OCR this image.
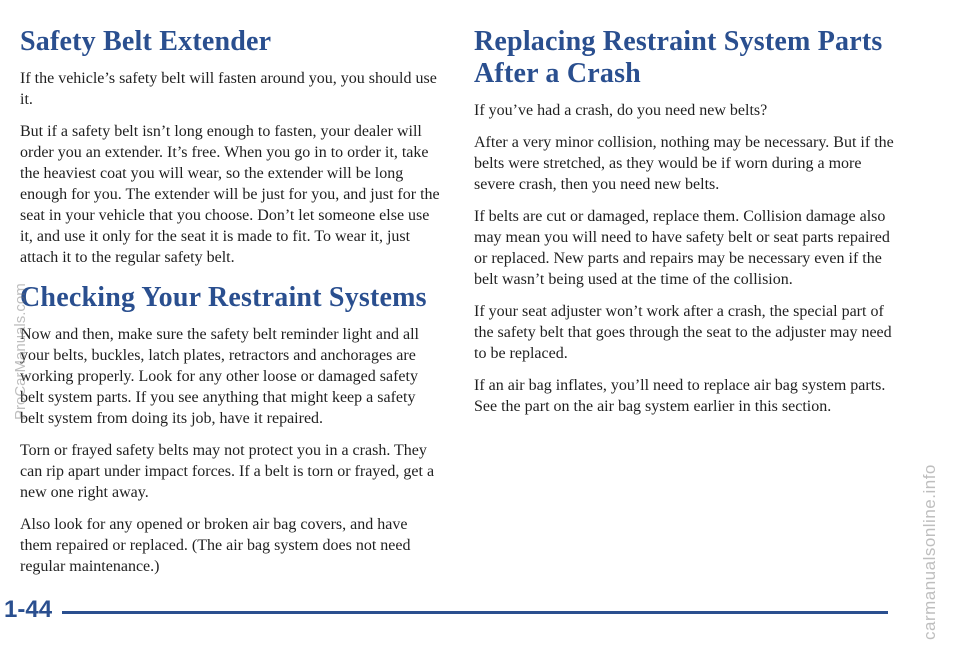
Safety Belt Extender

If the vehicle’s safety belt will fasten around you, you should use it.

But if a safety belt isn’t long enough to fasten, your dealer will order you an extender. It’s free. When you go in to order it, take the heaviest coat you will wear, so the extender will be long enough for you. The extender will be just for you, and just for the seat in your vehicle that you choose. Don’t let someone else use it, and use it only for the seat it is made to fit. To wear it, just attach it to the regular safety belt.

Checking Your Restraint Systems

Now and then, make sure the safety belt reminder light and all your belts, buckles, latch plates, retractors and anchorages are working properly. Look for any other loose or damaged safety belt system parts. If you see anything that might keep a safety belt system from doing its job, have it repaired.

Torn or frayed safety belts may not protect you in a crash. They can rip apart under impact forces. If a belt is torn or frayed, get a new one right away.

Also look for any opened or broken air bag covers, and have them repaired or replaced. (The air bag system does not need regular maintenance.)

Replacing Restraint System Parts After a Crash

If you’ve had a crash, do you need new belts?

After a very minor collision, nothing may be necessary. But if the belts were stretched, as they would be if worn during a more severe crash, then you need new belts.

If belts are cut or damaged, replace them. Collision damage also may mean you will need to have safety belt or seat parts repaired or replaced. New parts and repairs may be necessary even if the belt wasn’t being used at the time of the collision.

If your seat adjuster won’t work after a crash, the special part of the safety belt that goes through the seat to the adjuster may need to be replaced.

If an air bag inflates, you’ll need to replace air bag system parts. See the part on the air bag system earlier in this section.

1-44
ProCarManuals.com
carmanualsonline.info
